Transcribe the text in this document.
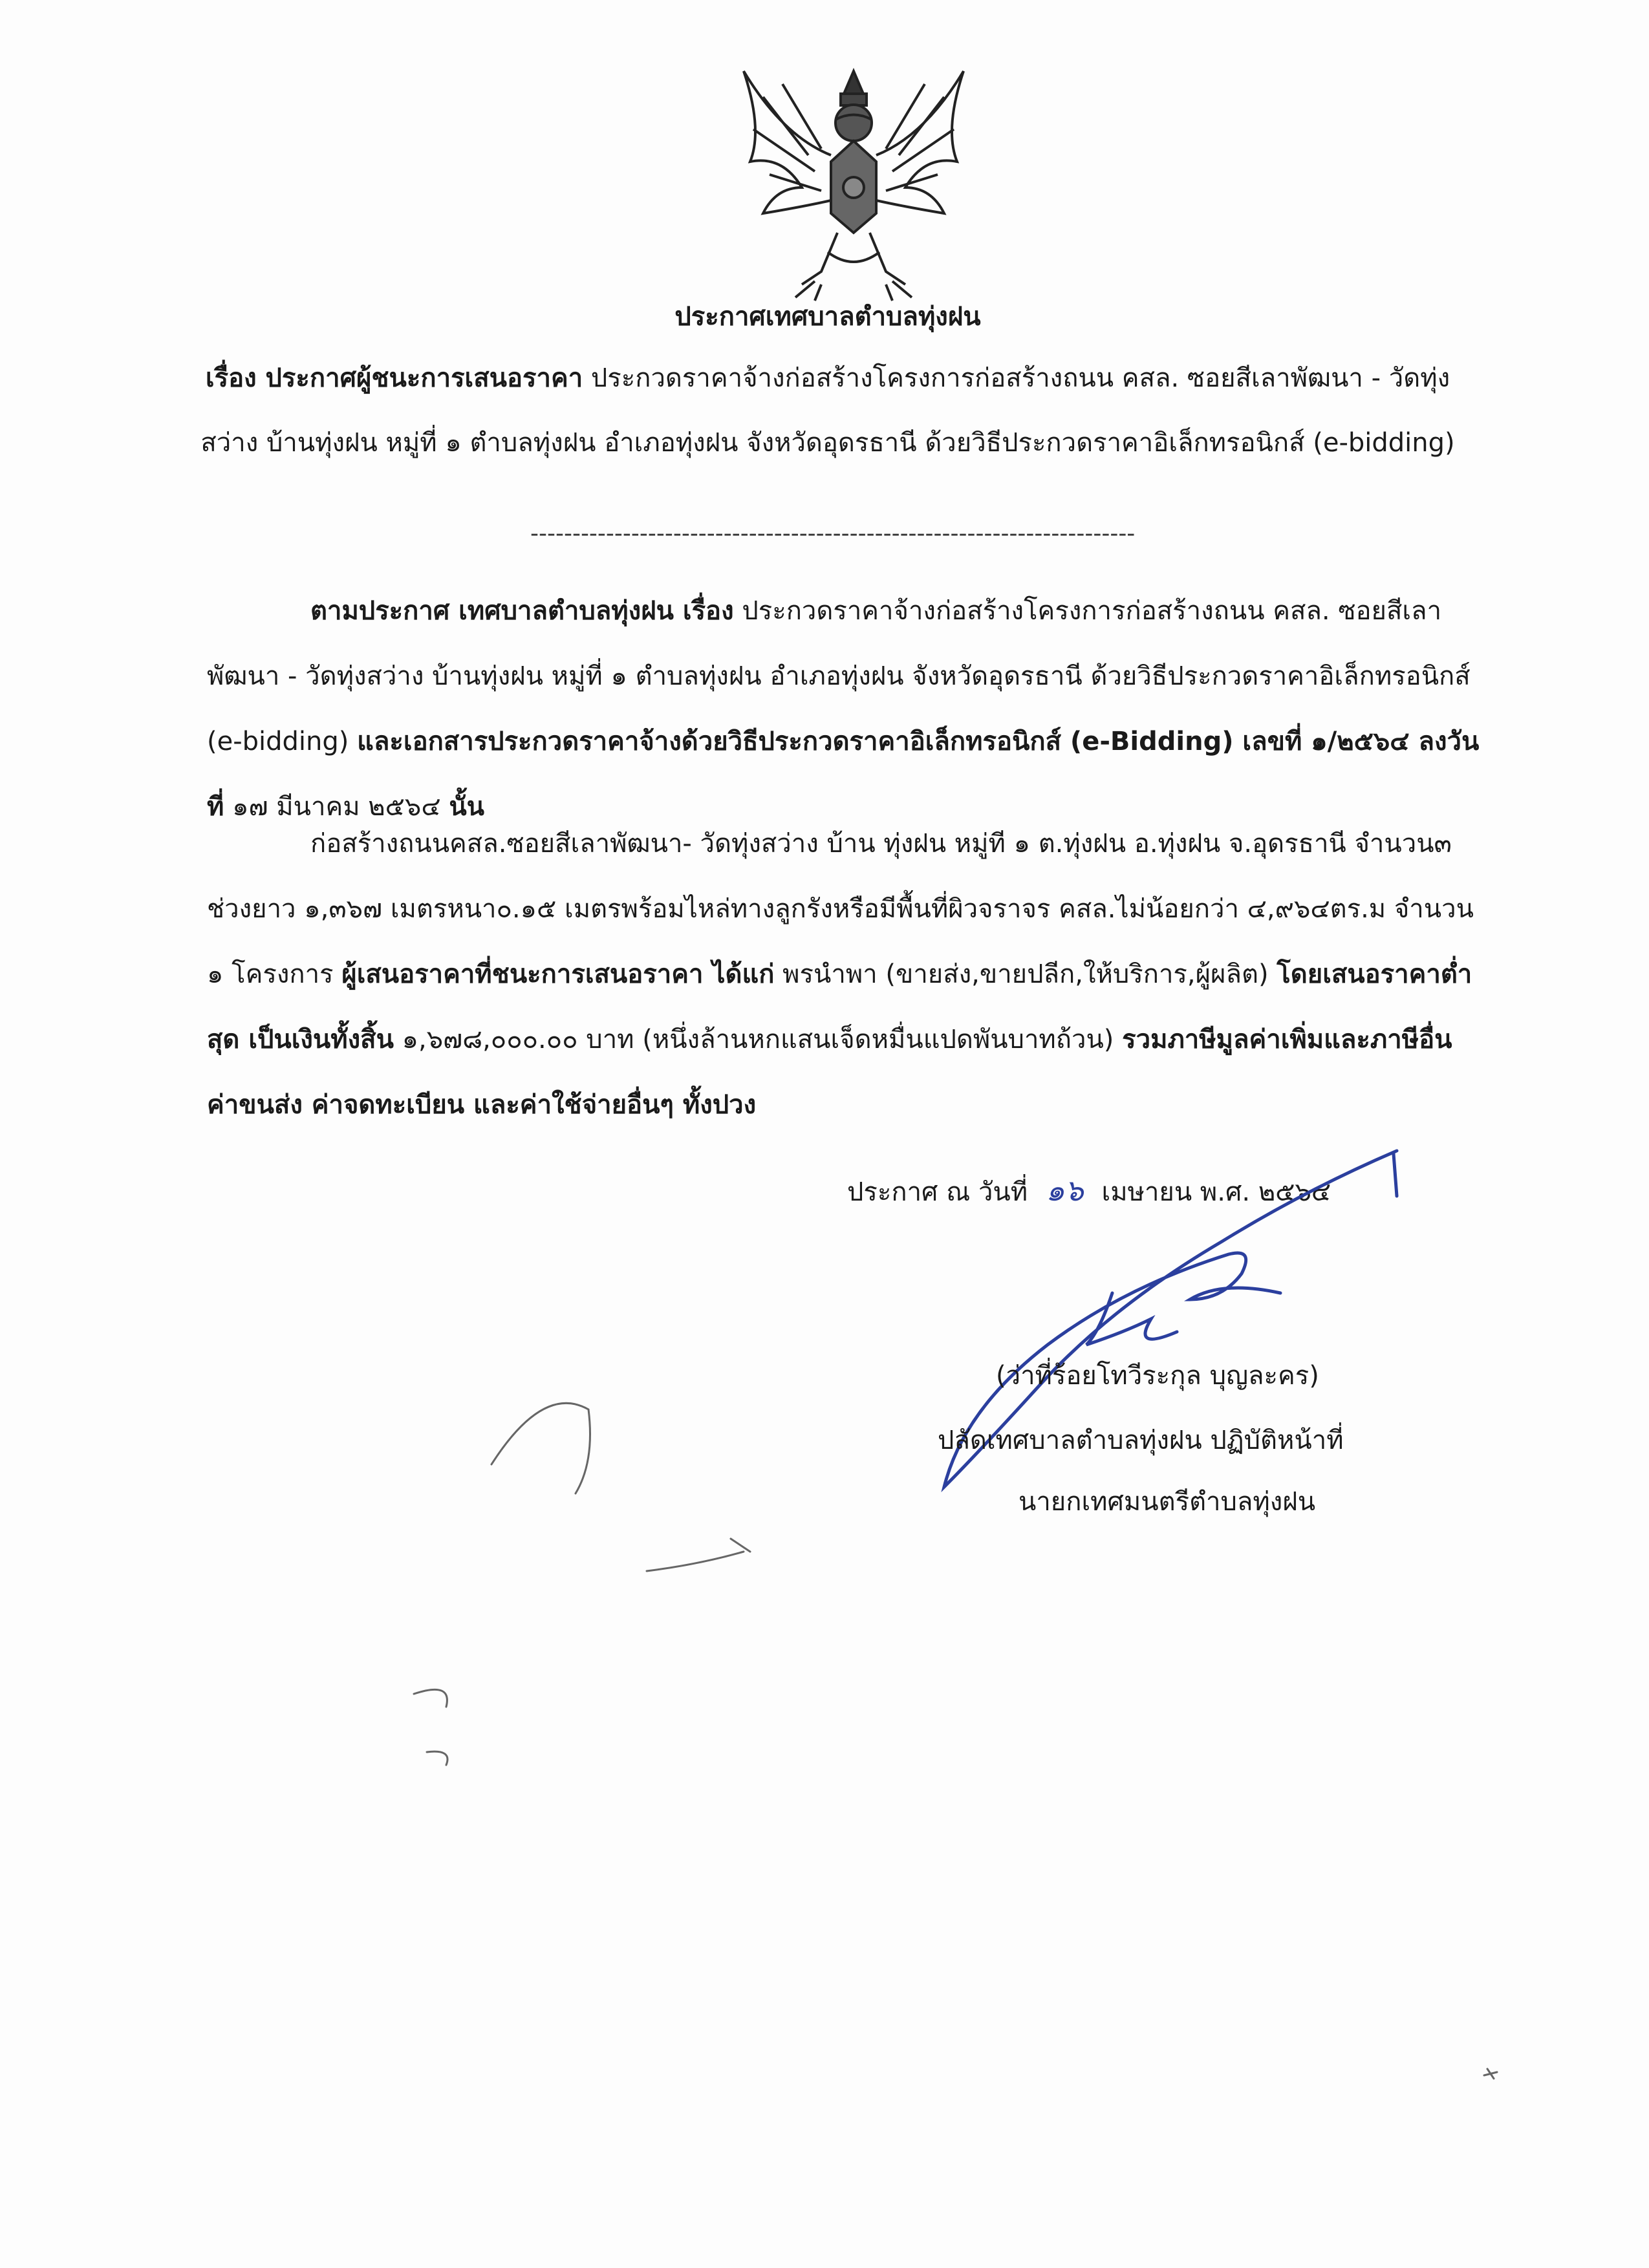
ประกาศเทศบาลตำบลทุ่งฝน
เรื่อง ประกาศผู้ชนะการเสนอราคา ประกวดราคาจ้างก่อสร้างโครงการก่อสร้างถนน คสล. ซอยสีเลาพัฒนา - วัดทุ่งสว่าง บ้านทุ่งฝน หมู่ที่ ๑ ตำบลทุ่งฝน อำเภอทุ่งฝน จังหวัดอุดรธานี ด้วยวิธีประกวดราคาอิเล็กทรอนิกส์ (e-bidding)
------------------------------------------------------------------------
ตามประกาศ เทศบาลตำบลทุ่งฝน เรื่อง ประกวดราคาจ้างก่อสร้างโครงการก่อสร้างถนน คสล. ซอยสีเลาพัฒนา - วัดทุ่งสว่าง บ้านทุ่งฝน หมู่ที่ ๑ ตำบลทุ่งฝน อำเภอทุ่งฝน จังหวัดอุดรธานี ด้วยวิธีประกวดราคาอิเล็กทรอนิกส์ (e-bidding) และเอกสารประกวดราคาจ้างด้วยวิธีประกวดราคาอิเล็กทรอนิกส์ (e-Bidding) เลขที่ ๑/๒๕๖๔ ลงวันที่ ๑๗ มีนาคม ๒๕๖๔ นั้น
ก่อสร้างถนนคสล.ซอยสีเลาพัฒนา- วัดทุ่งสว่าง บ้าน ทุ่งฝน หมู่ที ๑ ต.ทุ่งฝน อ.ทุ่งฝน จ.อุดรธานี จำนวน๓ ช่วงยาว ๑,๓๖๗ เมตรหนา๐.๑๕ เมตรพร้อมไหล่ทางลูกรังหรือมีพื้นที่ผิวจราจร คสล.ไม่น้อยกว่า ๔,๙๖๔ตร.ม จำนวน ๑ โครงการ ผู้เสนอราคาที่ชนะการเสนอราคา ได้แก่ พรนำพา (ขายส่ง,ขายปลีก,ให้บริการ,ผู้ผลิต) โดยเสนอราคาต่ำสุด เป็นเงินทั้งสิ้น ๑,๖๗๘,๐๐๐.๐๐ บาท (หนึ่งล้านหกแสนเจ็ดหมื่นแปดพันบาทถ้วน) รวมภาษีมูลค่าเพิ่มและภาษีอื่น ค่าขนส่ง ค่าจดทะเบียน และค่าใช้จ่ายอื่นๆ ทั้งปวง
ประกาศ ณ วันที่ ๑๖ เมษายน พ.ศ. ๒๕๖๔
(ว่าที่ร้อยโทวีระกุล บุญละคร)
ปลัดเทศบาลตำบลทุ่งฝน ปฏิบัติหน้าที่
นายกเทศมนตรีตำบลทุ่งฝน
